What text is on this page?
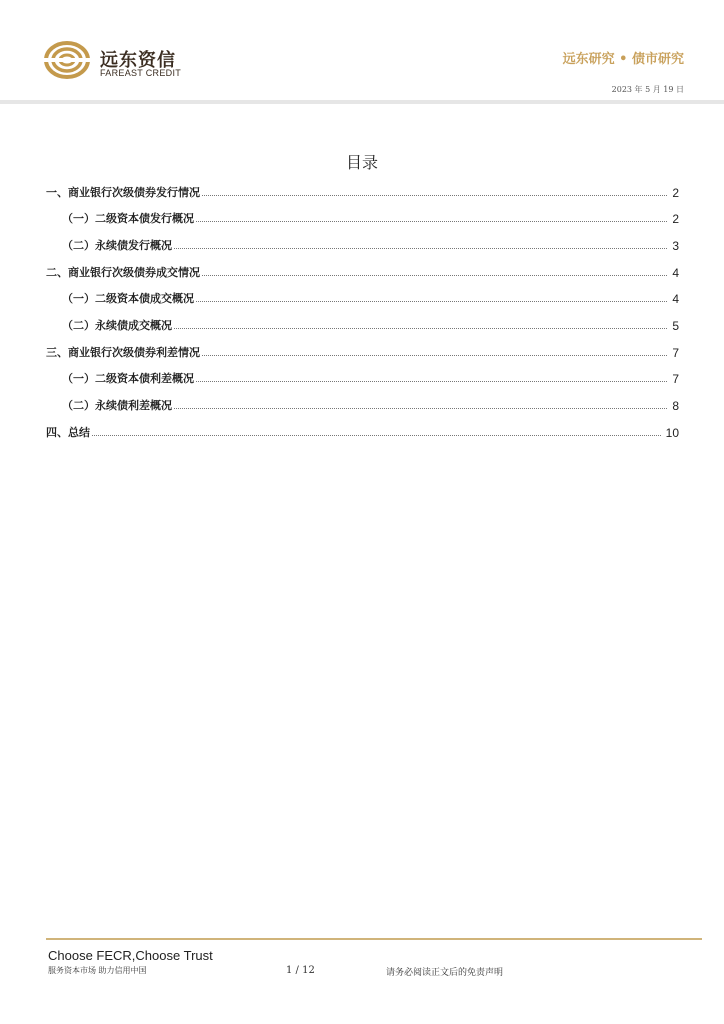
远东资信
FAREAST CREDIT
远东研究 • 债市研究
2023 年 5 月 19 日
目录
一、商业银行次级债券发行情况	2
（一）二级资本债发行概况	2
（二）永续债发行概况	3
二、商业银行次级债券成交情况	4
（一）二级资本债成交概况	4
（二）永续债成交概况	5
三、商业银行次级债券利差情况	7
（一）二级资本债利差概况	7
（二）永续债利差概况	8
四、总结	10
Choose FECR,Choose Trust
服务资本市场 助力信用中国	1 / 12	请务必阅读正文后的免责声明
